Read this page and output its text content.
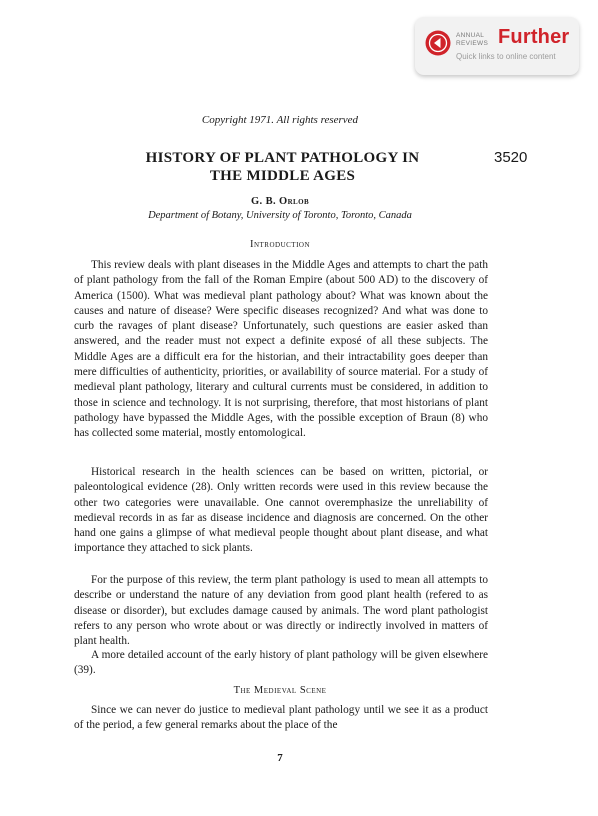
ANNUAL
REVIEWS Further
Quick links to online content
Copyright 1971. All rights reserved
HISTORY OF PLANT PATHOLOGY IN
THE MIDDLE AGES
3520
G. B. Orlob
Department of Botany, University of Toronto, Toronto, Canada
Introduction

This review deals with plant diseases in the Middle Ages and attempts to chart the path of plant pathology from the fall of the Roman Empire (about 500 AD) to the discovery of America (1500). What was medieval plant pathology about? What was known about the causes and nature of disease? Were specific diseases recognized? And what was done to curb the ravages of plant disease? Unfortunately, such questions are easier asked than answered, and the reader must not expect a definite exposé of all these subjects. The Middle Ages are a difficult era for the historian, and their intractability goes deeper than mere difficulties of authenticity, priorities, or availability of source material. For a study of medieval plant pathology, literary and cultural currents must be considered, in addition to those in science and technology. It is not surprising, therefore, that most historians of plant pathology have bypassed the Middle Ages, with the possible exception of Braun (8) who has collected some material, mostly entomological.

Historical research in the health sciences can be based on written, pictorial, or paleontological evidence (28). Only written records were used in this review because the other two categories were unavailable. One cannot overemphasize the unreliability of medieval records in as far as disease incidence and diagnosis are concerned. On the other hand one gains a glimpse of what medieval people thought about plant disease, and what importance they attached to sick plants.

For the purpose of this review, the term plant pathology is used to mean all attempts to describe or understand the nature of any deviation from good plant health (refered to as disease or disorder), but excludes damage caused by animals. The word plant pathologist refers to any person who wrote about or was directly or indirectly involved in matters of plant health.

A more detailed account of the early history of plant pathology will be given elsewhere (39).

The Medieval Scene

Since we can never do justice to medieval plant pathology until we see it as a product of the period, a few general remarks about the place of the

7
